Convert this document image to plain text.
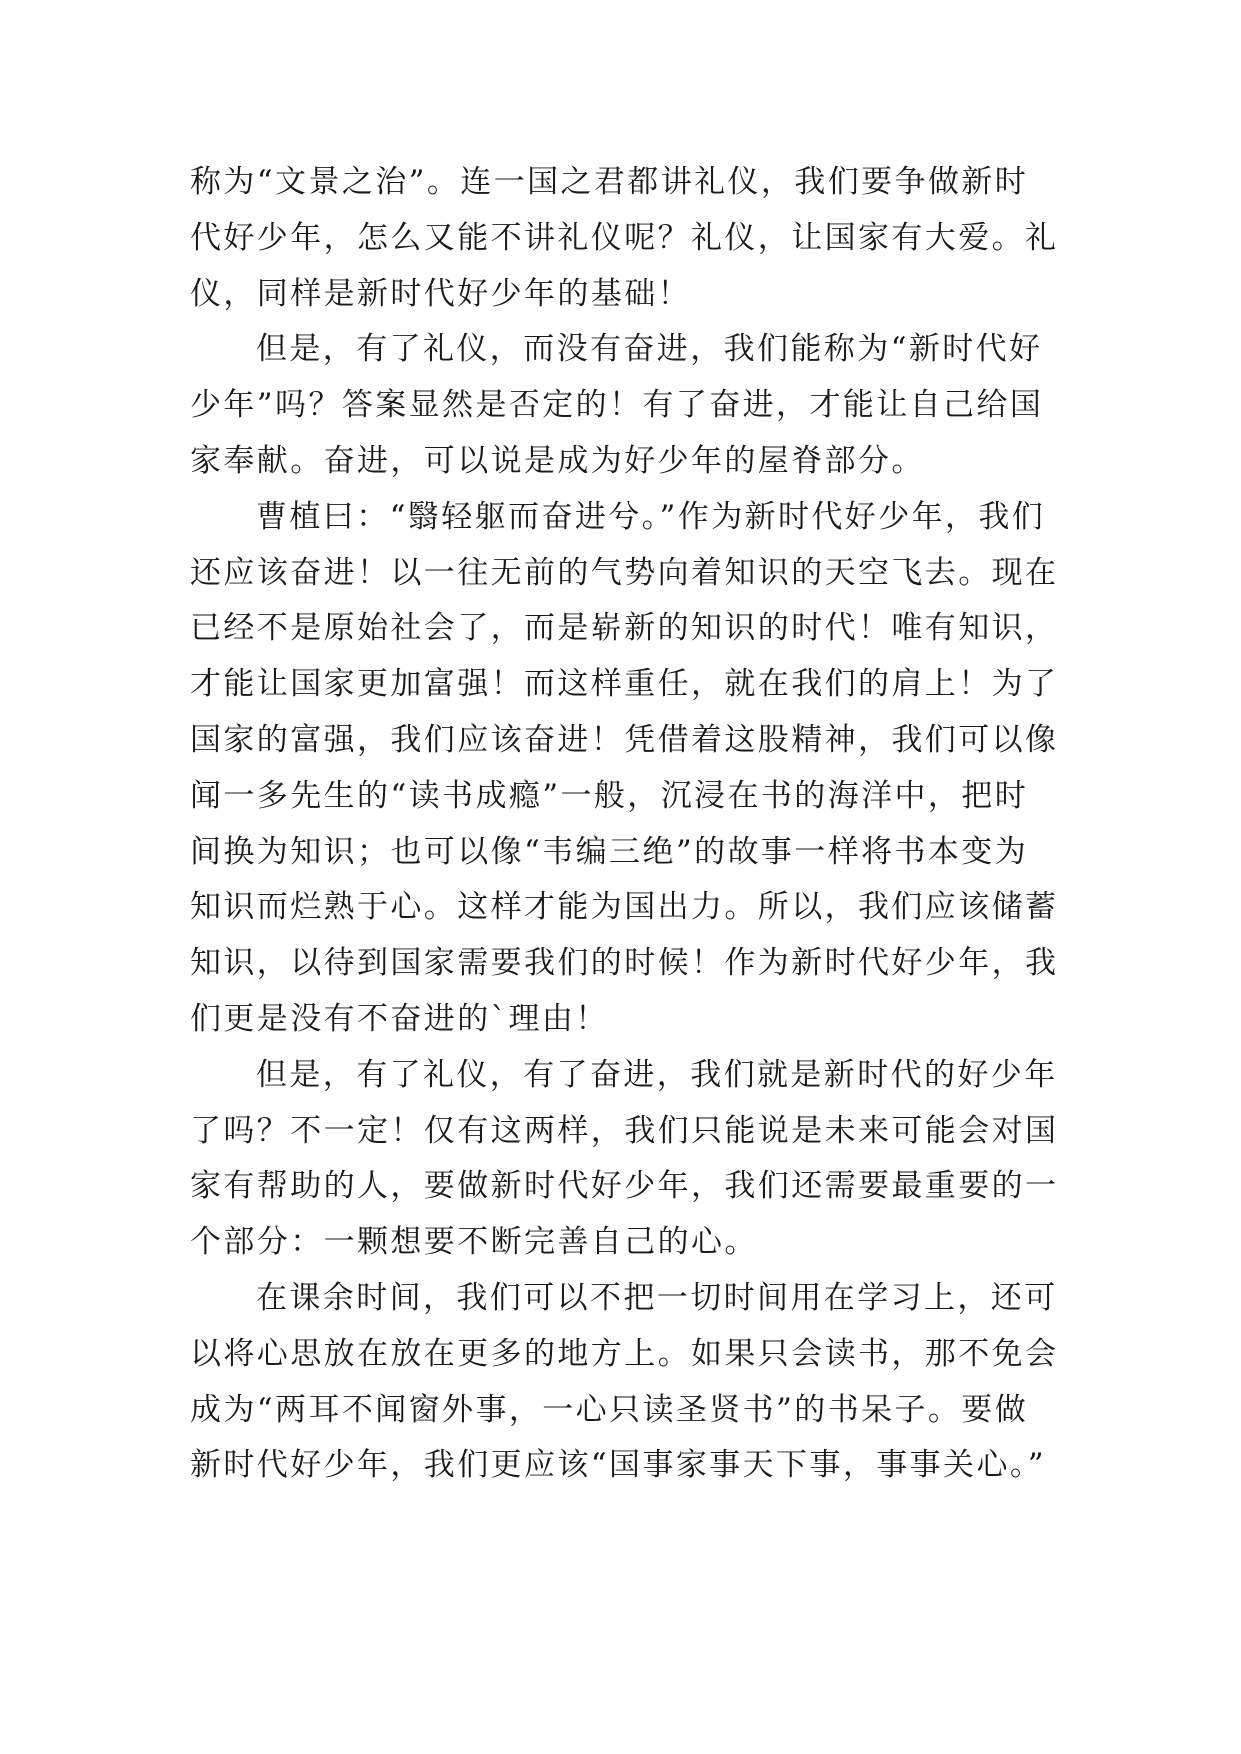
称为“文景之治”。连一国之君都讲礼仪，我们要争做新时
代好少年，怎么又能不讲礼仪呢？礼仪，让国家有大爱。礼
仪，同样是新时代好少年的基础！
但是，有了礼仪，而没有奋进，我们能称为“新时代好
少年”吗？答案显然是否定的！有了奋进，才能让自己给国
家奉献。奋进，可以说是成为好少年的屋脊部分。
曹植曰：“翳轻躯而奋进兮。”作为新时代好少年，我们
还应该奋进！以一往无前的气势向着知识的天空飞去。现在
已经不是原始社会了，而是崭新的知识的时代！唯有知识，
才能让国家更加富强！而这样重任，就在我们的肩上！为了
国家的富强，我们应该奋进！凭借着这股精神，我们可以像
闻一多先生的“读书成瘾”一般，沉浸在书的海洋中，把时
间换为知识；也可以像“韦编三绝”的故事一样将书本变为
知识而烂熟于心。这样才能为国出力。所以，我们应该储蓄
知识，以待到国家需要我们的时候！作为新时代好少年，我
们更是没有不奋进的`理由！
但是，有了礼仪，有了奋进，我们就是新时代的好少年
了吗？不一定！仅有这两样，我们只能说是未来可能会对国
家有帮助的人，要做新时代好少年，我们还需要最重要的一
个部分：一颗想要不断完善自己的心。
在课余时间，我们可以不把一切时间用在学习上，还可
以将心思放在放在更多的地方上。如果只会读书，那不免会
成为“两耳不闻窗外事，一心只读圣贤书”的书呆子。要做
新时代好少年，我们更应该“国事家事天下事，事事关心。”
